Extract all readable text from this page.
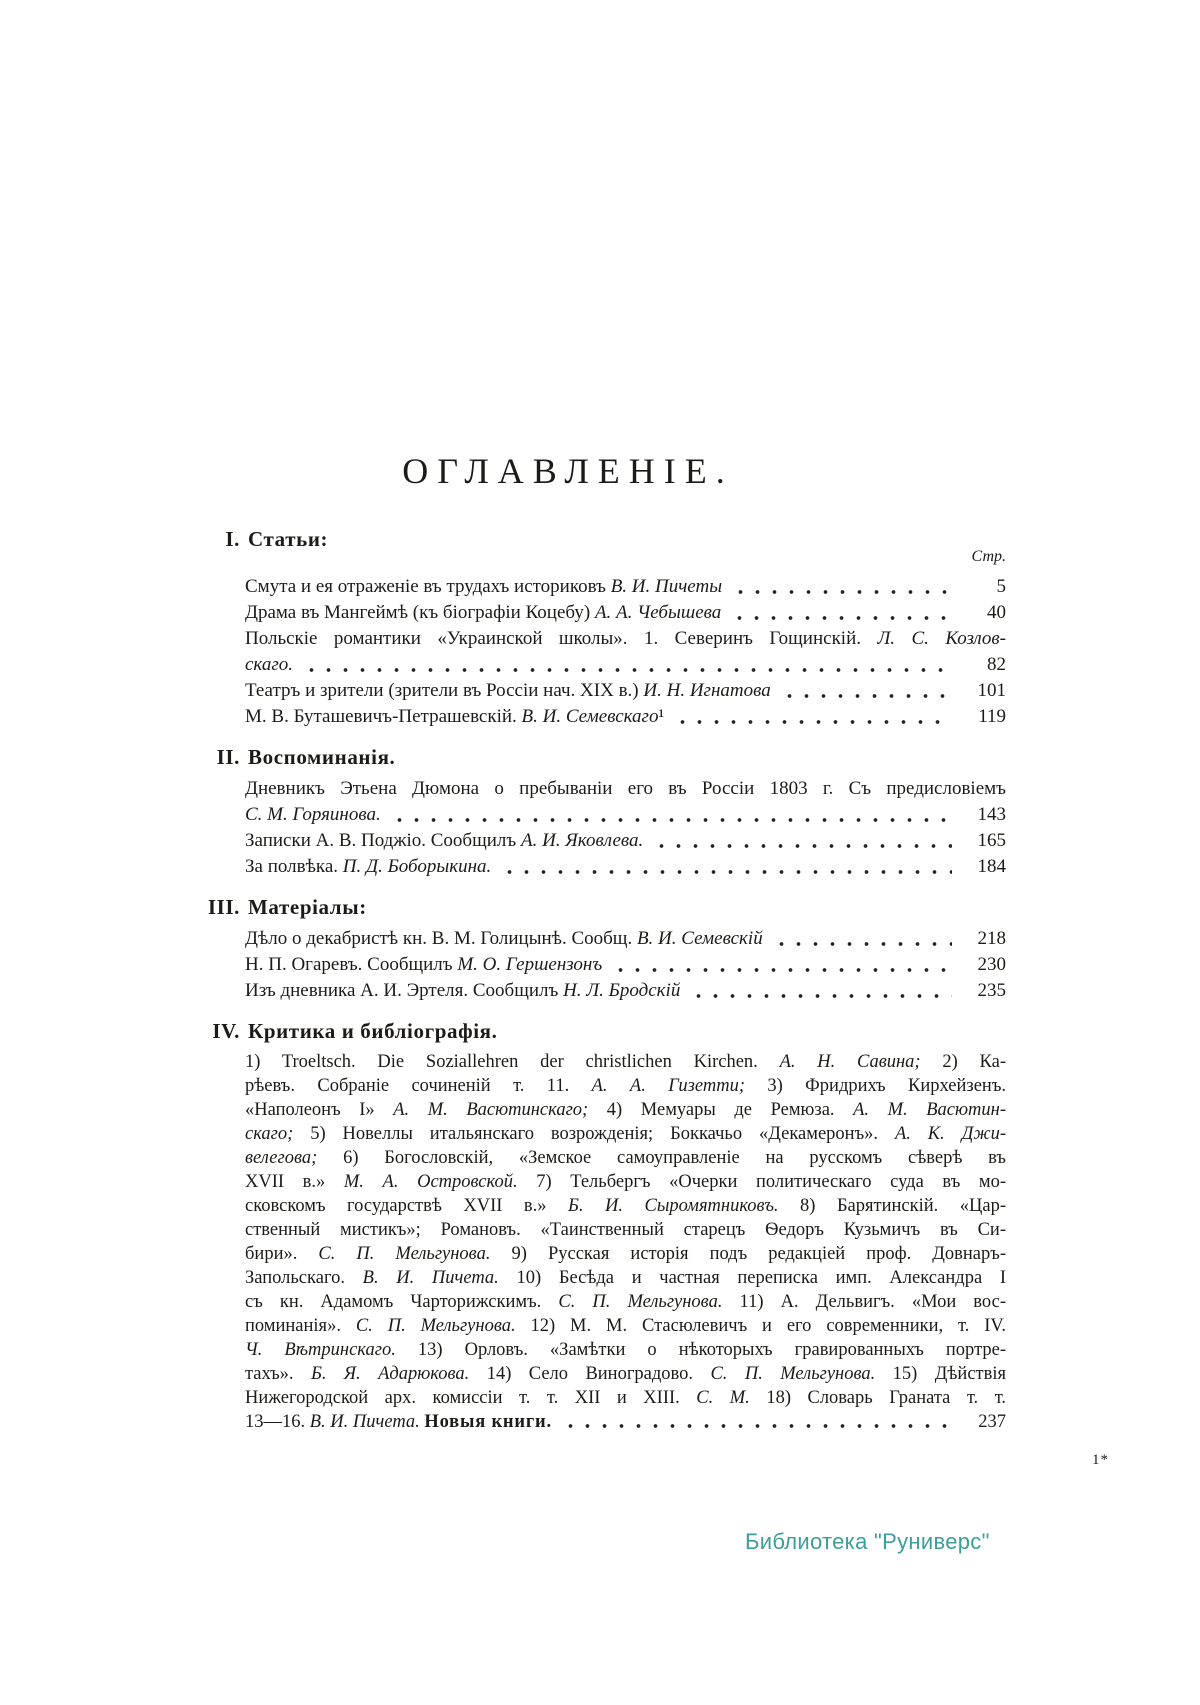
ОГЛАВЛЕНІЕ.
I. Статьи:
Стр.
Смута и ея отраженіе въ трудахъ историковъ В. И. Пичеты	5
Драма въ Мангеймѣ (къ біографіи Коцебу) А. А. Чебышева	40
Польскіе романтики «Украинской школы». 1. Северинъ Гощинскій. Л. С. Козлов-
скаго.	82
Театръ и зрители (зрители въ Россіи нач. XIX в.) И. Н. Игнатова	101
М. В. Буташевичъ-Петрашевскій. В. И. Семевскаго¹	119
II. Воспоминанія.
Дневникъ Этьена Дюмона о пребываніи его въ Россіи 1803 г. Съ предисловіемъ
С. М. Горяинова.	143
Записки А. В. Поджіо. Сообщилъ А. И. Яковлева.	165
За полвѣка. П. Д. Боборыкина.	184
III. Матеріалы:
Дѣло о декабристѣ кн. В. М. Голицынѣ. Сообщ. В. И. Семевскій	218
Н. П. Огаревъ. Сообщилъ М. О. Гершензонъ	230
Изъ дневника А. И. Эртеля. Сообщилъ Н. Л. Бродскій	235
IV. Критика и библіографія.
1) Troeltsch. Die Soziallehren der christlichen Kirchen. А. Н. Савина; 2) Ка-
рѣевъ. Собраніе сочиненій т. 11. А. А. Гизетти; 3) Фридрихъ Кирхейзенъ.
«Наполеонъ I» А. М. Васютинскаго; 4) Мемуары де Ремюза. А. М. Васютин-
скаго; 5) Новеллы итальянскаго возрожденія; Боккачьо «Декамеронъ». А. К. Джи-
велегова; 6) Богословскій, «Земское самоуправленіе на русскомъ сѣверѣ въ
XVII в.» М. А. Островской. 7) Тельбергъ «Очерки политическаго суда въ мо-
сковскомъ государствѣ XVII в.» Б. И. Сыромятниковъ. 8) Барятинскій. «Цар-
ственный мистикъ»; Романовъ. «Таинственный старецъ Ѳедоръ Кузьмичъ въ Си-
бири». С. П. Мельгунова. 9) Русская исторія подъ редакціей проф. Довнаръ-
Запольскаго. В. И. Пичета. 10) Бесѣда и частная переписка имп. Александра I
съ кн. Адамомъ Чарторижскимъ. С. П. Мельгунова. 11) А. Дельвигъ. «Мои вос-
поминанія». С. П. Мельгунова. 12) М. М. Стасюлевичъ и его современники, т. IV.
Ч. Вѣтринскаго. 13) Орловъ. «Замѣтки о нѣкоторыхъ гравированныхъ портре-
тахъ». Б. Я. Адарюкова. 14) Село Виноградово. С. П. Мельгунова. 15) Дѣйствія
Нижегородской арх. комиссіи т. т. XII и XIII. С. М. 18) Словарь Граната т. т.
13—16. В. И. Пичета. Новыя книги.	237
1*
Библиотека "Руниверс"
